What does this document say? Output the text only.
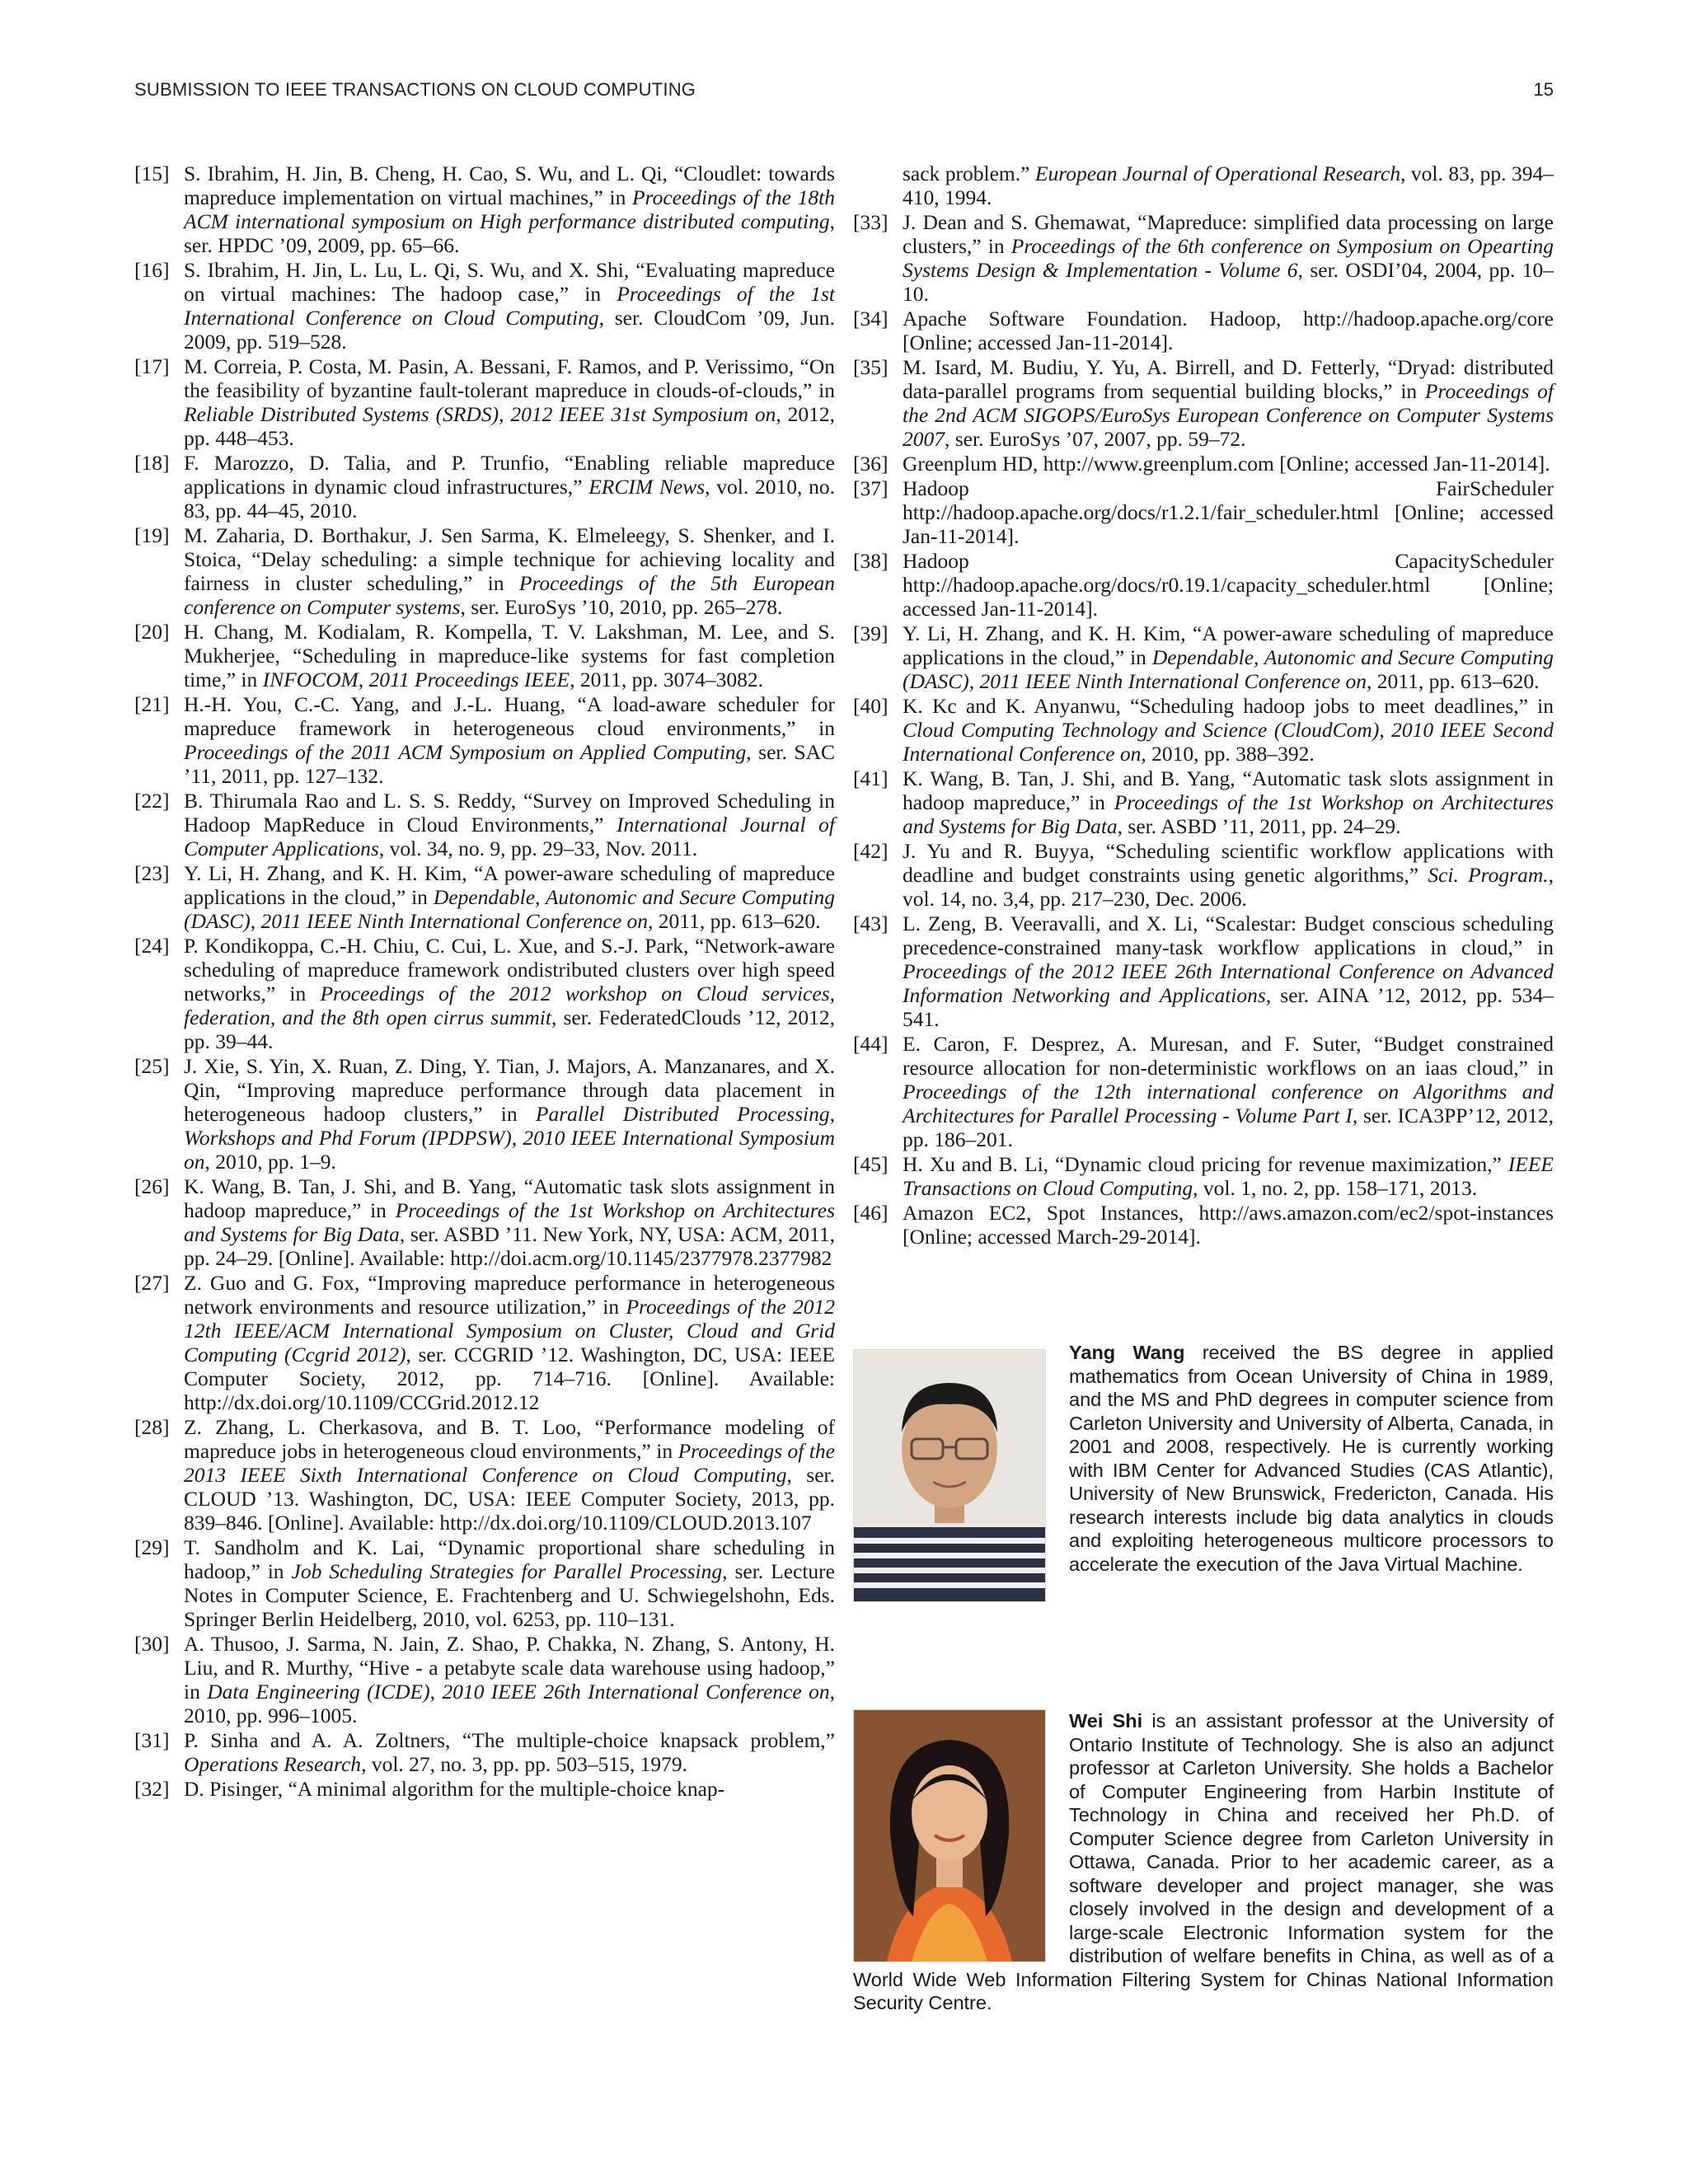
SUBMISSION TO IEEE TRANSACTIONS ON CLOUD COMPUTING	15
[15] S. Ibrahim, H. Jin, B. Cheng, H. Cao, S. Wu, and L. Qi, “Cloudlet: towards mapreduce implementation on virtual machines,” in Proceedings of the 18th ACM international symposium on High performance distributed computing, ser. HPDC ’09, 2009, pp. 65–66.
[16] S. Ibrahim, H. Jin, L. Lu, L. Qi, S. Wu, and X. Shi, “Evaluating mapreduce on virtual machines: The hadoop case,” in Proceedings of the 1st International Conference on Cloud Computing, ser. CloudCom ’09, Jun. 2009, pp. 519–528.
[17] M. Correia, P. Costa, M. Pasin, A. Bessani, F. Ramos, and P. Verissimo, “On the feasibility of byzantine fault-tolerant mapreduce in clouds-of-clouds,” in Reliable Distributed Systems (SRDS), 2012 IEEE 31st Symposium on, 2012, pp. 448–453.
[18] F. Marozzo, D. Talia, and P. Trunfio, “Enabling reliable mapreduce applications in dynamic cloud infrastructures,” ERCIM News, vol. 2010, no. 83, pp. 44–45, 2010.
[19] M. Zaharia, D. Borthakur, J. Sen Sarma, K. Elmeleegy, S. Shenker, and I. Stoica, “Delay scheduling: a simple technique for achieving locality and fairness in cluster scheduling,” in Proceedings of the 5th European conference on Computer systems, ser. EuroSys ’10, 2010, pp. 265–278.
[20] H. Chang, M. Kodialam, R. Kompella, T. V. Lakshman, M. Lee, and S. Mukherjee, “Scheduling in mapreduce-like systems for fast completion time,” in INFOCOM, 2011 Proceedings IEEE, 2011, pp. 3074–3082.
[21] H.-H. You, C.-C. Yang, and J.-L. Huang, “A load-aware scheduler for mapreduce framework in heterogeneous cloud environments,” in Proceedings of the 2011 ACM Symposium on Applied Computing, ser. SAC ’11, 2011, pp. 127–132.
[22] B. Thirumala Rao and L. S. S. Reddy, “Survey on Improved Scheduling in Hadoop MapReduce in Cloud Environments,” International Journal of Computer Applications, vol. 34, no. 9, pp. 29–33, Nov. 2011.
[23] Y. Li, H. Zhang, and K. H. Kim, “A power-aware scheduling of mapreduce applications in the cloud,” in Dependable, Autonomic and Secure Computing (DASC), 2011 IEEE Ninth International Conference on, 2011, pp. 613–620.
[24] P. Kondikoppa, C.-H. Chiu, C. Cui, L. Xue, and S.-J. Park, “Network-aware scheduling of mapreduce framework ondistributed clusters over high speed networks,” in Proceedings of the 2012 workshop on Cloud services, federation, and the 8th open cirrus summit, ser. FederatedClouds ’12, 2012, pp. 39–44.
[25] J. Xie, S. Yin, X. Ruan, Z. Ding, Y. Tian, J. Majors, A. Manzanares, and X. Qin, “Improving mapreduce performance through data placement in heterogeneous hadoop clusters,” in Parallel Distributed Processing, Workshops and Phd Forum (IPDPSW), 2010 IEEE International Symposium on, 2010, pp. 1–9.
[26] K. Wang, B. Tan, J. Shi, and B. Yang, “Automatic task slots assignment in hadoop mapreduce,” in Proceedings of the 1st Workshop on Architectures and Systems for Big Data, ser. ASBD ’11. New York, NY, USA: ACM, 2011, pp. 24–29. [Online]. Available: http://doi.acm.org/10.1145/2377978.2377982
[27] Z. Guo and G. Fox, “Improving mapreduce performance in heterogeneous network environments and resource utilization,” in Proceedings of the 2012 12th IEEE/ACM International Symposium on Cluster, Cloud and Grid Computing (Ccgrid 2012), ser. CCGRID ’12. Washington, DC, USA: IEEE Computer Society, 2012, pp. 714–716. [Online]. Available: http://dx.doi.org/10.1109/CCGrid.2012.12
[28] Z. Zhang, L. Cherkasova, and B. T. Loo, “Performance modeling of mapreduce jobs in heterogeneous cloud environments,” in Proceedings of the 2013 IEEE Sixth International Conference on Cloud Computing, ser. CLOUD ’13. Washington, DC, USA: IEEE Computer Society, 2013, pp. 839–846. [Online]. Available: http://dx.doi.org/10.1109/CLOUD.2013.107
[29] T. Sandholm and K. Lai, “Dynamic proportional share scheduling in hadoop,” in Job Scheduling Strategies for Parallel Processing, ser. Lecture Notes in Computer Science, E. Frachtenberg and U. Schwiegelshohn, Eds. Springer Berlin Heidelberg, 2010, vol. 6253, pp. 110–131.
[30] A. Thusoo, J. Sarma, N. Jain, Z. Shao, P. Chakka, N. Zhang, S. Antony, H. Liu, and R. Murthy, “Hive - a petabyte scale data warehouse using hadoop,” in Data Engineering (ICDE), 2010 IEEE 26th International Conference on, 2010, pp. 996–1005.
[31] P. Sinha and A. A. Zoltners, “The multiple-choice knapsack problem,” Operations Research, vol. 27, no. 3, pp. pp. 503–515, 1979.
[32] D. Pisinger, “A minimal algorithm for the multiple-choice knap-
sack problem.” European Journal of Operational Research, vol. 83, pp. 394–410, 1994.
[33] J. Dean and S. Ghemawat, “Mapreduce: simplified data processing on large clusters,” in Proceedings of the 6th conference on Symposium on Opearting Systems Design & Implementation - Volume 6, ser. OSDI’04, 2004, pp. 10–10.
[34] Apache Software Foundation. Hadoop, http://hadoop.apache.org/core [Online; accessed Jan-11-2014].
[35] M. Isard, M. Budiu, Y. Yu, A. Birrell, and D. Fetterly, “Dryad: distributed data-parallel programs from sequential building blocks,” in Proceedings of the 2nd ACM SIGOPS/EuroSys European Conference on Computer Systems 2007, ser. EuroSys ’07, 2007, pp. 59–72.
[36] Greenplum HD, http://www.greenplum.com [Online; accessed Jan-11-2014].
[37] Hadoop FairScheduler http://hadoop.apache.org/docs/r1.2.1/fair_scheduler.html [Online; accessed Jan-11-2014].
[38] Hadoop CapacityScheduler http://hadoop.apache.org/docs/r0.19.1/capacity_scheduler.html [Online; accessed Jan-11-2014].
[39] Y. Li, H. Zhang, and K. H. Kim, “A power-aware scheduling of mapreduce applications in the cloud,” in Dependable, Autonomic and Secure Computing (DASC), 2011 IEEE Ninth International Conference on, 2011, pp. 613–620.
[40] K. Kc and K. Anyanwu, “Scheduling hadoop jobs to meet deadlines,” in Cloud Computing Technology and Science (CloudCom), 2010 IEEE Second International Conference on, 2010, pp. 388–392.
[41] K. Wang, B. Tan, J. Shi, and B. Yang, “Automatic task slots assignment in hadoop mapreduce,” in Proceedings of the 1st Workshop on Architectures and Systems for Big Data, ser. ASBD ’11, 2011, pp. 24–29.
[42] J. Yu and R. Buyya, “Scheduling scientific workflow applications with deadline and budget constraints using genetic algorithms,” Sci. Program., vol. 14, no. 3,4, pp. 217–230, Dec. 2006.
[43] L. Zeng, B. Veeravalli, and X. Li, “Scalestar: Budget conscious scheduling precedence-constrained many-task workflow applications in cloud,” in Proceedings of the 2012 IEEE 26th International Conference on Advanced Information Networking and Applications, ser. AINA ’12, 2012, pp. 534–541.
[44] E. Caron, F. Desprez, A. Muresan, and F. Suter, “Budget constrained resource allocation for non-deterministic workflows on an iaas cloud,” in Proceedings of the 12th international conference on Algorithms and Architectures for Parallel Processing - Volume Part I, ser. ICA3PP’12, 2012, pp. 186–201.
[45] H. Xu and B. Li, “Dynamic cloud pricing for revenue maximization,” IEEE Transactions on Cloud Computing, vol. 1, no. 2, pp. 158–171, 2013.
[46] Amazon EC2, Spot Instances, http://aws.amazon.com/ec2/spot-instances [Online; accessed March-29-2014].
Yang Wang received the BS degree in applied mathematics from Ocean University of China in 1989, and the MS and PhD degrees in computer science from Carleton University and University of Alberta, Canada, in 2001 and 2008, respectively. He is currently working with IBM Center for Advanced Studies (CAS Atlantic), University of New Brunswick, Fredericton, Canada. His research interests include big data analytics in clouds and exploiting heterogeneous multicore processors to accelerate the execution of the Java Virtual Machine.
Wei Shi is an assistant professor at the University of Ontario Institute of Technology. She is also an adjunct professor at Carleton University. She holds a Bachelor of Computer Engineering from Harbin Institute of Technology in China and received her Ph.D. of Computer Science degree from Carleton University in Ottawa, Canada. Prior to her academic career, as a software developer and project manager, she was closely involved in the design and development of a large-scale Electronic Information system for the distribution of welfare benefits in China, as well as of a World Wide Web Information Filtering System for Chinas National Information Security Centre.
